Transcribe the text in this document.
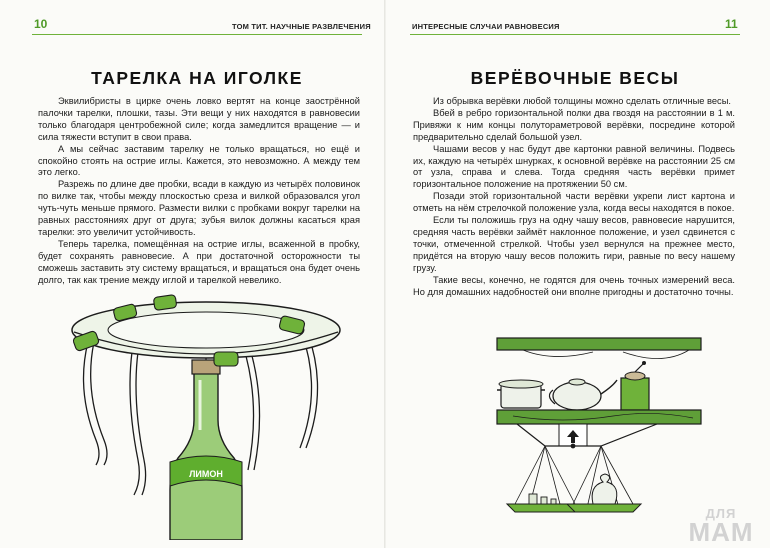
10	ТОМ ТИТ. НАУЧНЫЕ РАЗВЛЕЧЕНИЯ
ТАРЕЛКА НА ИГОЛКЕ

Эквилибристы в цирке очень ловко вертят на конце заострённой палочки тарелки, плошки, тазы. Эти вещи у них находятся в равновесии только благодаря центробежной силе; когда замедлится вращение — и сила тяжести вступит в свои права.

А мы сейчас заставим тарелку не только вращаться, но ещё и спокойно стоять на острие иглы. Кажется, это невозможно. А между тем это легко.

Разрежь по длине две пробки, всади в каждую из четырёх половинок по вилке так, чтобы между плоскостью среза и вилкой образовался угол чуть-чуть меньше прямого. Размести вилки с пробками вокруг тарелки на равных расстояниях друг от друга; зубья вилок должны касаться края тарелки: это увеличит устойчивость.

Теперь тарелка, помещённая на острие иглы, всаженной в пробку, будет сохранять равновесие. А при достаточной осторожности ты сможешь заставить эту систему вращаться, и вращаться она будет очень долго, так как трение между иглой и тарелкой невелико.

ЛИМОН
ИНТЕРЕСНЫЕ СЛУЧАИ РАВНОВЕСИЯ	11
ВЕРЁВОЧНЫЕ ВЕСЫ

Из обрывка верёвки любой толщины можно сделать отличные весы.

Вбей в ребро горизонтальной полки два гвоздя на расстоянии в 1 м. Привяжи к ним концы полутораметровой верёвки, посредине которой предварительно сделай большой узел.

Чашами весов у нас будут две картонки равной величины. Подвесь их, каждую на четырёх шнурках, к основной верёвке на расстоянии 25 см от узла, справа и слева. Тогда средняя часть верёвки примет горизонтальное положение на протяжении 50 см.

Позади этой горизонтальной части верёвки укрепи лист картона и отметь на нём стрелочкой положение узла, когда весы находятся в покое.

Если ты положишь груз на одну чашу весов, равновесие нарушится, средняя часть верёвки займёт наклонное положение, и узел сдвинется с точки, отмеченной стрелкой. Чтобы узел вернулся на прежнее место, придётся на вторую чашу весов положить гири, равные по весу нашему грузу.

Такие весы, конечно, не годятся для очень точных измерений веса. Но для домашних надобностей они вполне пригодны и достаточно точны.

ДЛЯ
МАМ
